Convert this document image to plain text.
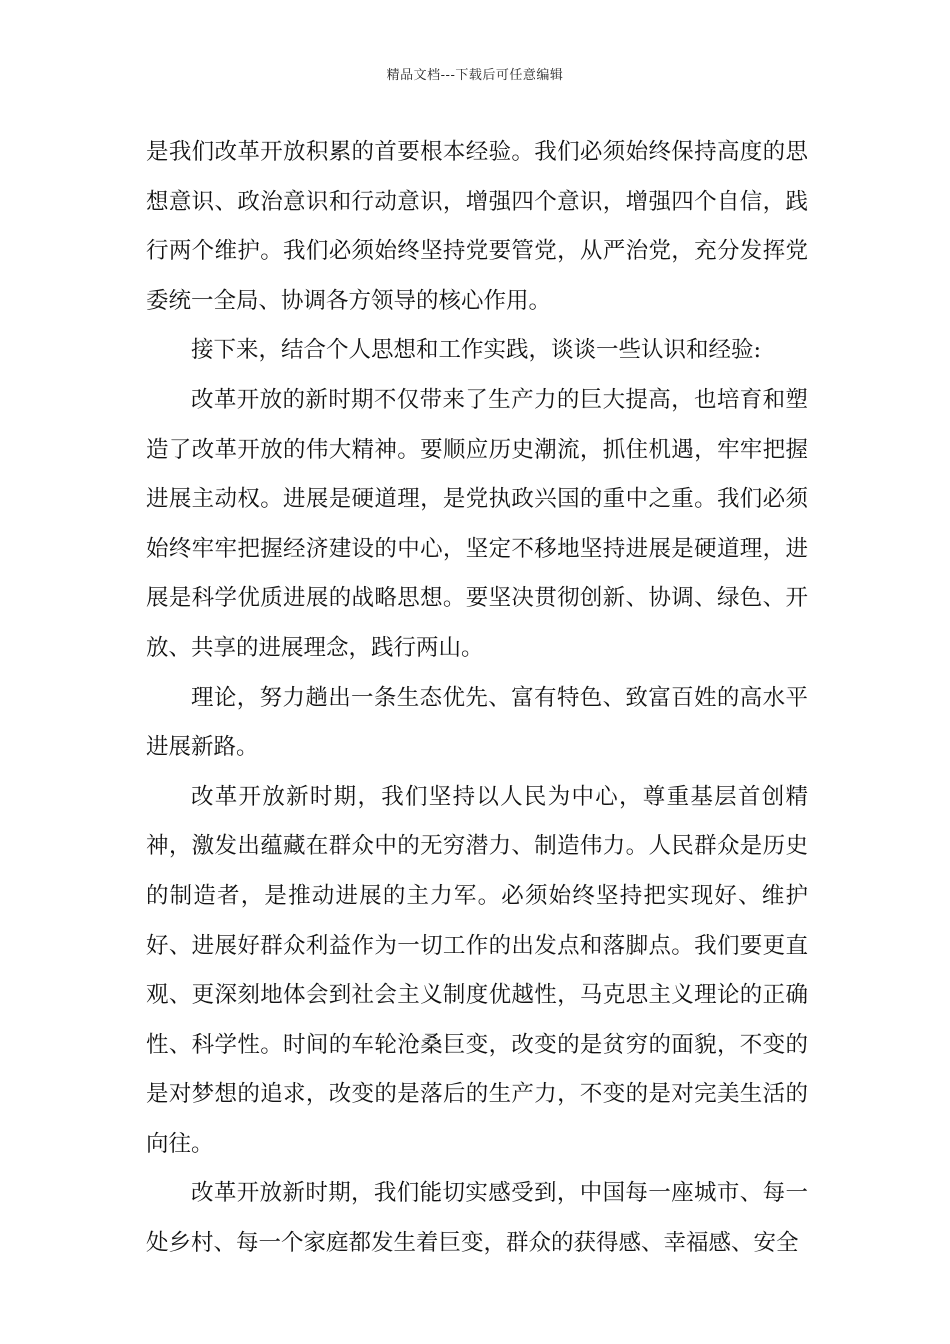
精品文档---下载后可任意编辑

是我们改革开放积累的首要根本经验。我们必须始终保持高度的思想意识、政治意识和行动意识，增强四个意识，增强四个自信，践行两个维护。我们必须始终坚持党要管党，从严治党，充分发挥党委统一全局、协调各方领导的核心作用。

接下来，结合个人思想和工作实践，谈谈一些认识和经验:

改革开放的新时期不仅带来了生产力的巨大提高，也培育和塑造了改革开放的伟大精神。要顺应历史潮流，抓住机遇，牢牢把握进展主动权。进展是硬道理，是党执政兴国的重中之重。我们必须始终牢牢把握经济建设的中心，坚定不移地坚持进展是硬道理，进展是科学优质进展的战略思想。要坚决贯彻创新、协调、绿色、开放、共享的进展理念，践行两山。

理论，努力趟出一条生态优先、富有特色、致富百姓的高水平进展新路。

改革开放新时期，我们坚持以人民为中心，尊重基层首创精神，激发出蕴藏在群众中的无穷潜力、制造伟力。人民群众是历史的制造者，是推动进展的主力军。必须始终坚持把实现好、维护好、进展好群众利益作为一切工作的出发点和落脚点。我们要更直观、更深刻地体会到社会主义制度优越性，马克思主义理论的正确性、科学性。时间的车轮沧桑巨变，改变的是贫穷的面貌，不变的是对梦想的追求，改变的是落后的生产力，不变的是对完美生活的向往。

改革开放新时期，我们能切实感受到，中国每一座城市、每一处乡村、每一个家庭都发生着巨变，群众的获得感、幸福感、安全
